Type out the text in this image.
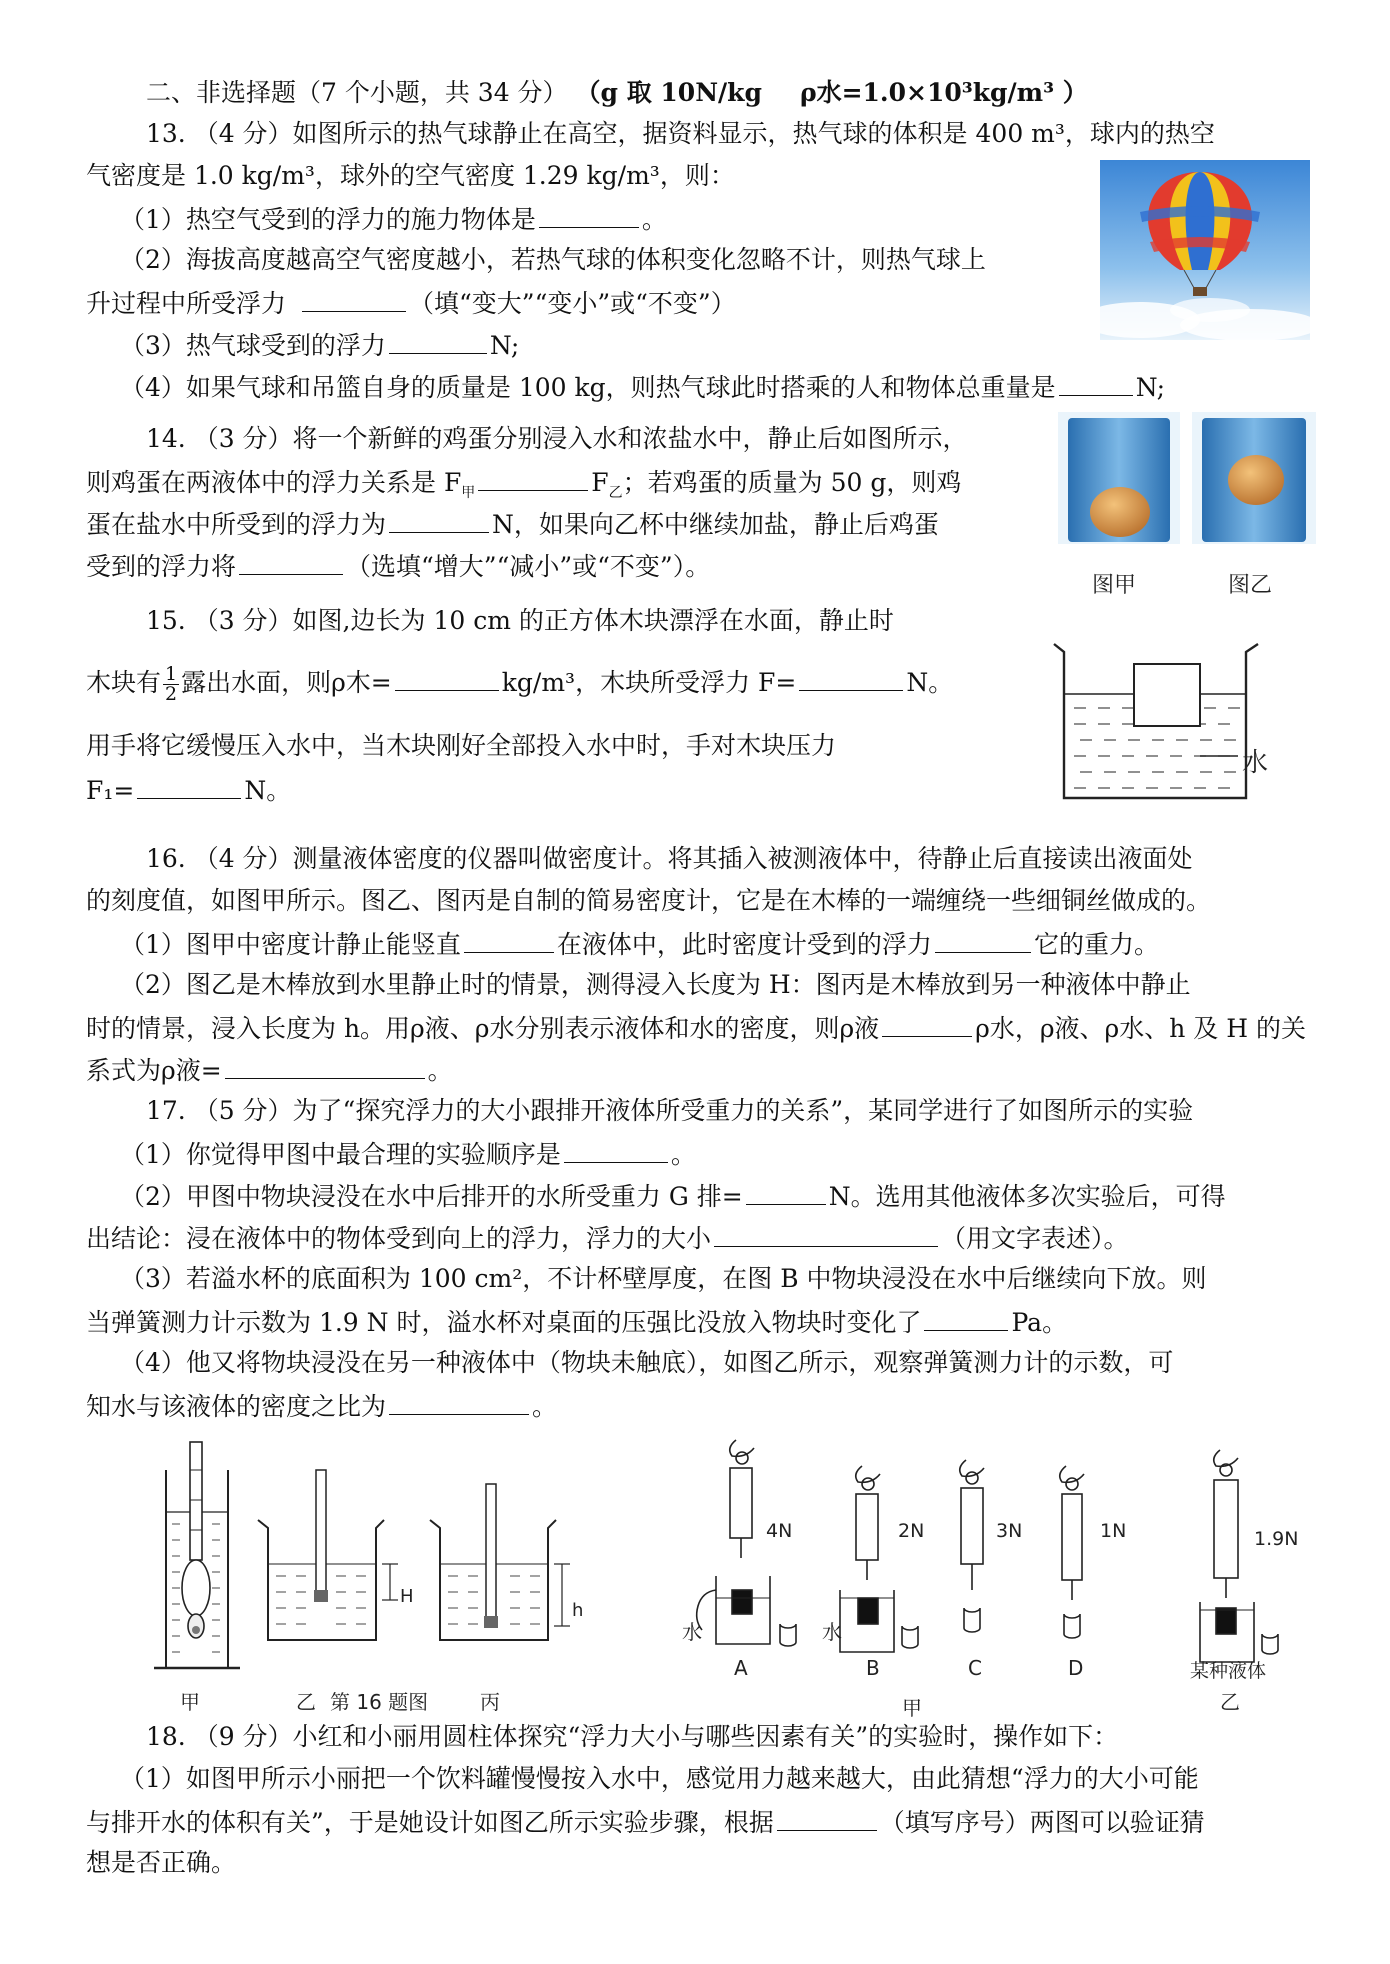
二、非选择题（7 个小题，共 34 分） （g 取 10N/kg ρ水=1.0×10³kg/m³ ）
13. （4 分）如图所示的热气球静止在高空，据资料显示，热气球的体积是 400 m³，球内的热空
气密度是 1.0 kg/m³，球外的空气密度 1.29 kg/m³，则：
（1）热空气受到的浮力的施力物体是	。
（2）海拔高度越高空气密度越小，若热气球的体积变化忽略不计，则热气球上
升过程中所受浮力	（填“变大”“变小”或“不变”）
（3）热气球受到的浮力	N;
（4）如果气球和吊篮自身的质量是 100 kg，则热气球此时搭乘的人和物体总重量是	N;
14. （3 分）将一个新鲜的鸡蛋分别浸入水和浓盐水中，静止后如图所示，
则鸡蛋在两液体中的浮力关系是 $F_甲$	$F_乙$；若鸡蛋的质量为 50 g，则鸡
蛋在盐水中所受到的浮力为	N，如果向乙杯中继续加盐，静止后鸡蛋
受到的浮力将	（选填“增大”“减小”或“不变”）。
图甲	图乙
15. （3 分）如图,边长为 10 cm 的正方体木块漂浮在水面，静止时
木块有 $\frac{1}{2}$ 露出水面，则ρ木=	kg/m³，木块所受浮力 F=	N。
用手将它缓慢压入水中，当木块刚好全部投入水中时，手对木块压力
F₁=	N。
水
16. （4 分）测量液体密度的仪器叫做密度计。将其插入被测液体中，待静止后直接读出液面处
的刻度值，如图甲所示。图乙、图丙是自制的简易密度计，它是在木棒的一端缠绕一些细铜丝做成的。
（1）图甲中密度计静止能竖直	在液体中，此时密度计受到的浮力	它的重力。
（2）图乙是木棒放到水里静止时的情景，测得浸入长度为 H：图丙是木棒放到另一种液体中静止
时的情景，浸入长度为 h。用ρ液、ρ水分别表示液体和水的密度，则ρ液	ρ水，ρ液、ρ水、h 及 H 的关
系式为ρ液=	。
17. （5 分）为了“探究浮力的大小跟排开液体所受重力的关系”，某同学进行了如图所示的实验
（1）你觉得甲图中最合理的实验顺序是	。
（2）甲图中物块浸没在水中后排开的水所受重力 G 排=	N。选用其他液体多次实验后，可得
出结论：浸在液体中的物体受到向上的浮力，浮力的大小	（用文字表述）。
（3）若溢水杯的底面积为 100 cm²，不计杯壁厚度，在图 B 中物块浸没在水中后继续向下放。则
当弹簧测力计示数为 1.9 N 时，溢水杯对桌面的压强比没放入物块时变化了	Pa。
（4）他又将物块浸没在另一种液体中（物块未触底），如图乙所示，观察弹簧测力计的示数，可
知水与该液体的密度之比为	。
H
h
甲	乙 第 16 题图	丙
4N	2N	3N	1N	1.9N
水	水
A	B	C	D	某种液体
甲	乙
18. （9 分）小红和小丽用圆柱体探究“浮力大小与哪些因素有关”的实验时，操作如下：
（1）如图甲所示小丽把一个饮料罐慢慢按入水中，感觉用力越来越大，由此猜想“浮力的大小可能
与排开水的体积有关”，于是她设计如图乙所示实验步骤，根据	（填写序号）两图可以验证猜
想是否正确。
